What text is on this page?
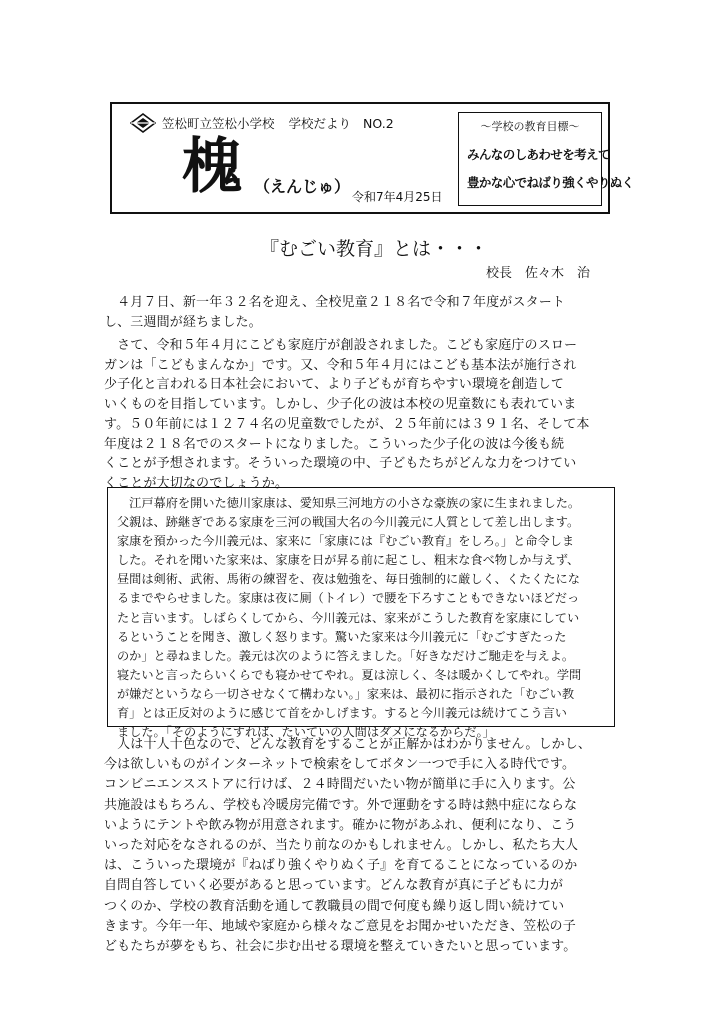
笠松町立笠松小学校 学校だより NO.2
槐 （えんじゅ）
令和7年4月25日
～学校の教育目標～
みんなのしあわせを考えて
豊かな心でねばり強くやりぬく
『むごい教育』とは・・・
校長　佐々木　治
　４月７日、新一年３２名を迎え、全校児童２１８名で令和７年度がスタート
し、三週間が経ちました。
　さて、令和５年４月にこども家庭庁が創設されました。こども家庭庁のスロー
ガンは「こどもまんなか」です。又、令和５年４月にはこども基本法が施行され
少子化と言われる日本社会において、より子どもが育ちやすい環境を創造して
いくものを目指しています。しかし、少子化の波は本校の児童数にも表れていま
す。５０年前には１２７４名の児童数でしたが、２５年前には３９１名、そして本
年度は２１８名でのスタートになりました。こういった少子化の波は今後も続
くことが予想されます。そういった環境の中、子どもたちがどんな力をつけてい
くことが大切なのでしょうか。
　江戸幕府を開いた徳川家康は、愛知県三河地方の小さな豪族の家に生まれました。
父親は、跡継ぎである家康を三河の戦国大名の今川義元に人質として差し出します。
家康を預かった今川義元は、家来に「家康には『むごい教育』をしろ。」と命令しま
した。それを聞いた家来は、家康を日が昇る前に起こし、粗末な食べ物しか与えず、
昼間は剣術、武術、馬術の練習を、夜は勉強を、毎日強制的に厳しく、くたくたにな
るまでやらせました。家康は夜に厠（トイレ）で腰を下ろすこともできないほどだっ
たと言います。しばらくしてから、今川義元は、家来がこうした教育を家康にしてい
るということを聞き、激しく怒ります。驚いた家来は今川義元に「むごすぎたった
のか」と尋ねました。義元は次のように答えました。「好きなだけご馳走を与えよ。
寝たいと言ったらいくらでも寝かせてやれ。夏は涼しく、冬は暖かくしてやれ。学問
が嫌だというなら一切させなくて構わない。」家来は、最初に指示された「むごい教
育」とは正反対のように感じて首をかしげます。すると今川義元は続けてこう言い
ました。「そのようにすれば、たいていの人間はダメになるからだ。」
　人は十人十色なので、どんな教育をすることが正解かはわかりません。しかし、
今は欲しいものがインターネットで検索をしてボタン一つで手に入る時代です。
コンビニエンスストアに行けば、２４時間だいたい物が簡単に手に入ります。公
共施設はもちろん、学校も冷暖房完備です。外で運動をする時は熱中症にならな
いようにテントや飲み物が用意されます。確かに物があふれ、便利になり、こう
いった対応をなされるのが、当たり前なのかもしれません。しかし、私たち大人
は、こういった環境が『ねばり強くやりぬく子』を育てることになっているのか
自問自答していく必要があると思っています。どんな教育が真に子どもに力が
つくのか、学校の教育活動を通して教職員の間で何度も繰り返し問い続けてい
きます。今年一年、地域や家庭から様々なご意見をお聞かせいただき、笠松の子
どもたちが夢をもち、社会に歩む出せる環境を整えていきたいと思っています。
